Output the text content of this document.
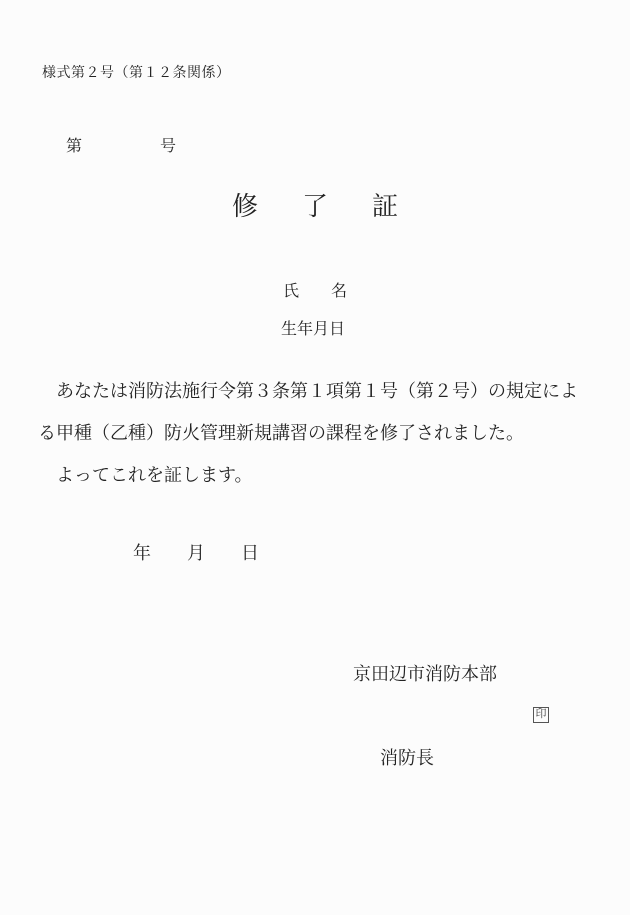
様式第２号（第１２条関係）

第	号

修　了　証
氏　　名
生年月日
　あなたは消防法施行令第３条第１項第１号（第２号）の規定によ
る甲種（乙種）防火管理新規講習の課程を修了されました。
　よってこれを証します。
年　　月　　日
京田辺市消防本部

消防長

印
